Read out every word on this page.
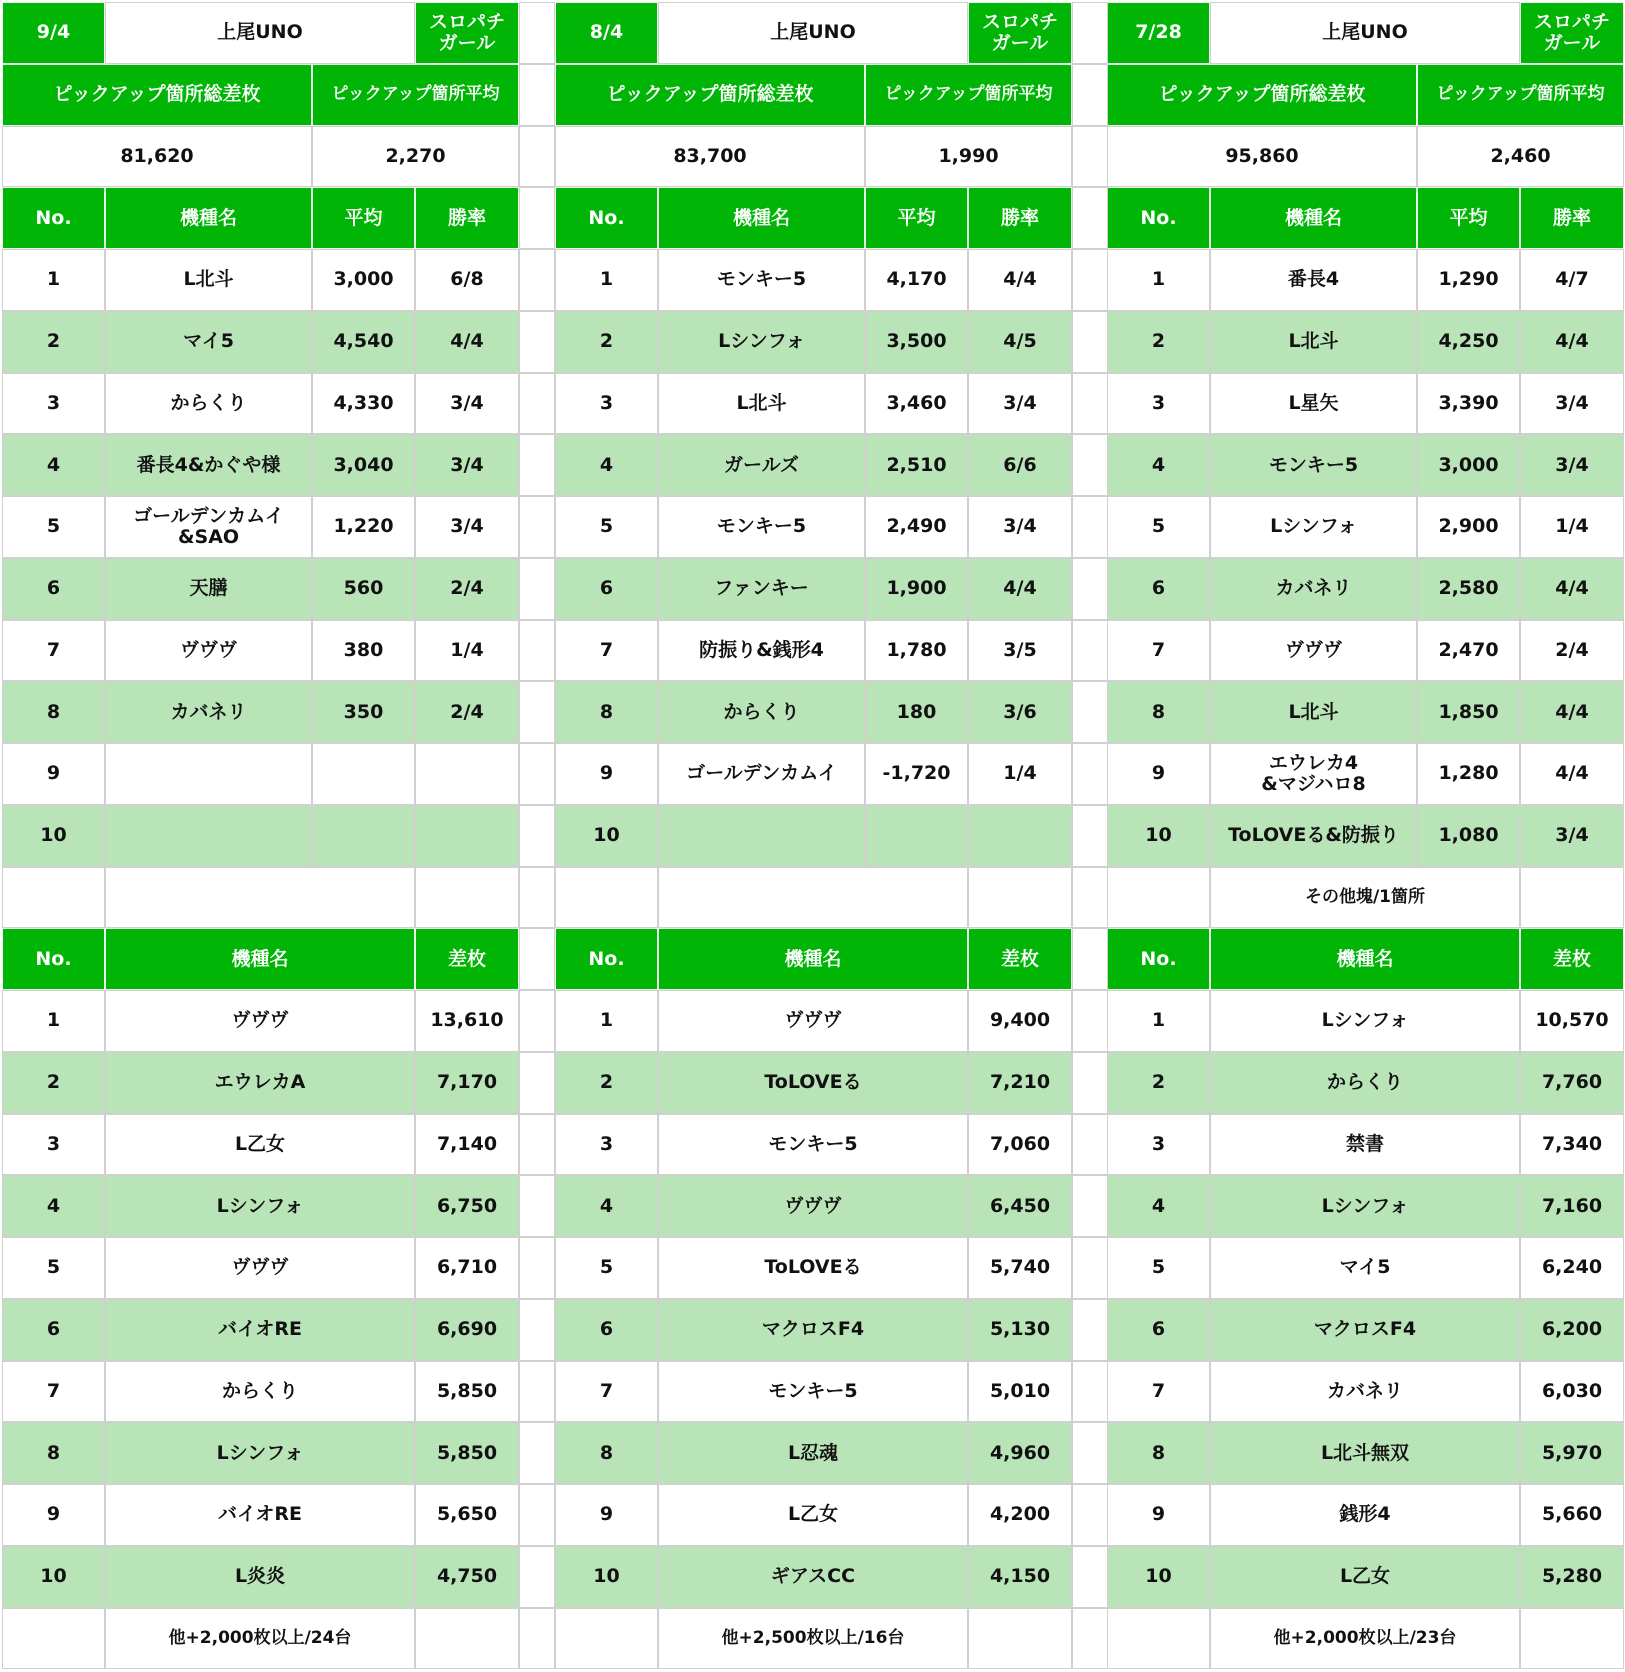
9/4	上尾UNO	スロパチ
ガール
ピックアップ箇所総差枚	ピックアップ箇所平均
81,620	2,270
No.	機種名	平均	勝率
1	L北斗	3,000	6/8
2	マイ5	4,540	4/4
3	からくり	4,330	3/4
4	番長4&かぐや様	3,040	3/4
5	ゴールデンカムイ
&SAO	1,220	3/4
6	天膳	560	2/4
7	ヴヴヴ	380	1/4
8	カバネリ	350	2/4
9
10
No.	機種名	差枚
1	ヴヴヴ	13,610
2	エウレカA	7,170
3	L乙女	7,140
4	Lシンフォ	6,750
5	ヴヴヴ	6,710
6	バイオRE	6,690
7	からくり	5,850
8	Lシンフォ	5,850
9	バイオRE	5,650
10	L炎炎	4,750
他+2,000枚以上/24台
8/4	上尾UNO	スロパチ
ガール
ピックアップ箇所総差枚	ピックアップ箇所平均
83,700	1,990
No.	機種名	平均	勝率
1	モンキー5	4,170	4/4
2	Lシンフォ	3,500	4/5
3	L北斗	3,460	3/4
4	ガールズ	2,510	6/6
5	モンキー5	2,490	3/4
6	ファンキー	1,900	4/4
7	防振り&銭形4	1,780	3/5
8	からくり	180	3/6
9	ゴールデンカムイ -1,720	1/4
10
No.	機種名	差枚
1	ヴヴヴ	9,400
2	ToLOVEる	7,210
3	モンキー5	7,060
4	ヴヴヴ	6,450
5	ToLOVEる	5,740
6	マクロスF4	5,130
7	モンキー5	5,010
8	L忍魂	4,960
9	L乙女	4,200
10	ギアスCC	4,150
他+2,500枚以上/16台
7/28	上尾UNO	スロパチ
ガール
ピックアップ箇所総差枚	ピックアップ箇所平均
95,860	2,460
No.	機種名	平均	勝率
1	番長4	1,290	4/7
2	L北斗	4,250	4/4
3	L星矢	3,390	3/4
4	モンキー5	3,000	3/4
5	Lシンフォ	2,900	1/4
6	カバネリ	2,580	4/4
7	ヴヴヴ	2,470	2/4
8	L北斗	1,850	4/4
9	エウレカ4
&マジハロ8	1,280	4/4
10	ToLOVEる&防振り 1,080	3/4
その他塊/1箇所
No.	機種名	差枚
1	Lシンフォ	10,570
2	からくり	7,760
3	禁書	7,340
4	Lシンフォ	7,160
5	マイ5	6,240
6	マクロスF4	6,200
7	カバネリ	6,030
8	L北斗無双	5,970
9	銭形4	5,660
10	L乙女	5,280
他+2,000枚以上/23台
